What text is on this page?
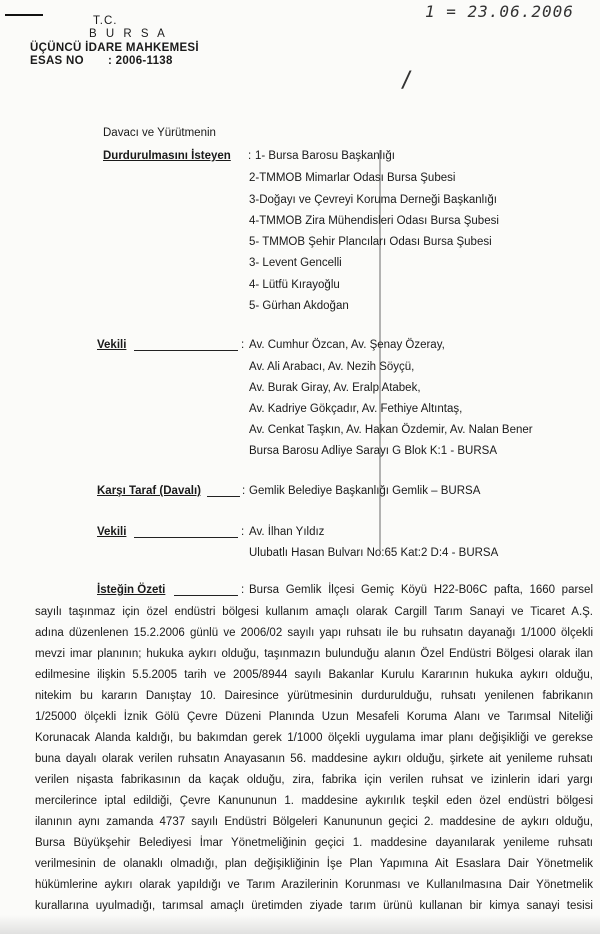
1 = 23.06.2006
/
T.C.
B U R S A
ÜÇÜNCÜ İDARE MAHKEMESİ
ESAS NO : 2006-1138
Davacı ve Yürütmenin
Durdurulmasını İsteyen : 1- Bursa Barosu Başkanlığı
2-TMMOB Mimarlar Odası Bursa Şubesi
3-Doğayı ve Çevreyi Koruma Derneği Başkanlığı
4-TMMOB Zira Mühendisleri Odası Bursa Şubesi
5- TMMOB Şehir Plancıları Odası Bursa Şubesi
3- Levent Gencelli
4- Lütfü Kırayoğlu
5- Gürhan Akdoğan
Vekili	: Av. Cumhur Özcan, Av. Şenay Özeray,
Av. Ali Arabacı, Av. Nezih Söyçü,
Av. Burak Giray, Av. Eralp Atabek,
Av. Kadriye Gökçadır, Av. Fethiye Altıntaş,
Av. Cenkat Taşkın, Av. Hakan Özdemir, Av. Nalan Bener
Bursa Barosu Adliye Sarayı G Blok K:1 - BURSA
Karşı Taraf (Davalı)	: Gemlik Belediye Başkanlığı Gemlik – BURSA
Vekili	: Av. İlhan Yıldız
Ulubatlı Hasan Bulvarı No:65 Kat:2 D:4 - BURSA
İsteğin Özeti	: Bursa Gemlik İlçesi Gemiç Köyü H22-B06C pafta, 1660 parsel
sayılı taşınmaz için özel endüstri bölgesi kullanım amaçlı olarak Cargill Tarım Sanayi ve Ticaret A.Ş.
adına düzenlenen 15.2.2006 günlü ve 2006/02 sayılı yapı ruhsatı ile bu ruhsatın dayanağı 1/1000 ölçekli
mevzi imar planının; hukuka aykırı olduğu, taşınmazın bulunduğu alanın Özel Endüstri Bölgesi olarak ilan
edilmesine ilişkin 5.5.2005 tarih ve 2005/8944 sayılı Bakanlar Kurulu Kararının hukuka aykırı olduğu,
nitekim bu kararın Danıştay 10. Dairesince yürütmesinin durdurulduğu, ruhsatı yenilenen fabrikanın
1/25000 ölçekli İznik Gölü Çevre Düzeni Planında Uzun Mesafeli Koruma Alanı ve Tarımsal Niteliği
Korunacak Alanda kaldığı, bu bakımdan gerek 1/1000 ölçekli uygulama imar planı değişikliği ve gerekse
buna dayalı olarak verilen ruhsatın Anayasanın 56. maddesine aykırı olduğu, şirkete ait yenileme ruhsatı
verilen nişasta fabrikasının da kaçak olduğu, zira, fabrika için verilen ruhsat ve izinlerin idari yargı
mercilerince iptal edildiği, Çevre Kanununun 1. maddesine aykırılık teşkil eden özel endüstri bölgesi
ilanının aynı zamanda 4737 sayılı Endüstri Bölgeleri Kanununun geçici 2. maddesine de aykırı olduğu,
Bursa Büyükşehir Belediyesi İmar Yönetmeliğinin geçici 1. maddesine dayanılarak yenileme ruhsatı
verilmesinin de olanaklı olmadığı, plan değişikliğinin İşe Plan Yapımına Ait Esaslara Dair Yönetmelik
hükümlerine aykırı olarak yapıldığı ve Tarım Arazilerinin Korunması ve Kullanılmasına Dair Yönetmelik
kurallarına uyulmadığı, tarımsal amaçlı üretimden ziyade tarım ürünü kullanan bir kimya sanayi tesisi
